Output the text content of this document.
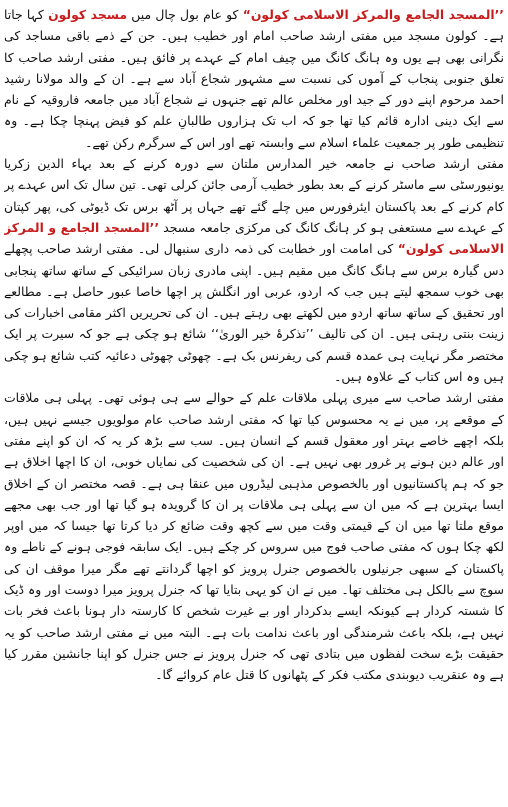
’’المسجد الجامع والمرکز الاسلامی کولون“ کو عام بول چال میں مسجد کولون کہا جاتا ہے۔ کولون مسجد میں مفتی ارشد صاحب امام اور خطیب ہیں۔ جن کے ذمے باقی مساجد کی نگرانی بھی ہے یوں وہ ہانگ کانگ میں چیف امام کے عہدے پر فائق ہیں۔ مفتی ارشد صاحب کا تعلق جنوبی پنجاب کے آموں کی نسبت سے مشہور شجاع آباد سے ہے۔ ان کے والد مولانا رشید احمد مرحوم اپنے دور کے جید اور مخلص عالم تھے جنہوں نے شجاع آباد میں جامعہ فاروقیہ کے نام سے ایک دینی ادارہ قائم کیا تھا جو کہ اب تک ہزاروں طالبانِ علم کو فیض پہنچا چکا ہے۔ وہ تنظیمی طور پر جمعیت علماء اسلام سے وابستہ تھے اور اس کے سرگرم رکن تھے۔

مفتی ارشد صاحب نے جامعہ خیر المدارس ملتان سے دورہ کرنے کے بعد بہاء الدین زکریا یونیورسٹی سے ماسٹر کرنے کے بعد بطور خطیب آرمی جائن کرلی تھی۔ تین سال تک اس عہدے پر کام کرنے کے بعد پاکستان ایئرفورس میں چلے گئے تھے جہاں پر آٹھ برس تک ڈیوٹی کی، پھر کپتان کے عہدے سے مستعفی ہو کر ہانگ کانگ کی مرکزی جامعہ مسجد ’’المسجد الجامع و المرکز الاسلامی کولون“ کی امامت اور خطابت کی ذمہ داری سنبھال لی۔ مفتی ارشد صاحب پچھلے دس گیارہ برس سے ہانگ کانگ میں مقیم ہیں۔ اپنی مادری زبان سرائیکی کے ساتھ ساتھ پنجابی بھی خوب سمجھ لیتے ہیں جب کہ اردو، عربی اور انگلش پر اچھا خاصا عبور حاصل ہے۔ مطالعے اور تحقیق کے ساتھ ساتھ اردو میں لکھتے بھی رہتے ہیں۔ ان کی تحریریں اکثر مقامی اخبارات کی زینت بنتی رہتی ہیں۔ ان کی تالیف ’’تذکرۂ خیر الوریٰ‘‘ شائع ہو چکی ہے جو کہ سیرت پر ایک مختصر مگر نہایت ہی عمدہ قسم کی ریفرنس بک ہے۔ چھوٹی چھوٹی دعائیہ کتب شائع ہو چکی ہیں وہ اس کتاب کے علاوہ ہیں۔

مفتی ارشد صاحب سے میری پہلی ملاقات علم کے حوالے سے ہی ہوئی تھی۔ پہلی ہی ملاقات کے موقعے پر، میں نے یہ محسوس کیا تھا کہ مفتی ارشد صاحب عام مولویوں جیسے نہیں ہیں، بلکہ اچھے خاصے بہتر اور معقول قسم کے انسان ہیں۔ سب سے بڑھ کر یہ کہ ان کو اپنے مفتی اور عالم دین ہونے پر غرور بھی نہیں ہے۔ ان کی شخصیت کی نمایاں خوبی، ان کا اچھا اخلاق ہے جو کہ ہم پاکستانیوں اور بالخصوص مذہبی لیڈروں میں عنقا ہی ہے۔ قصہ مختصر ان کے اخلاق ایسا بہترین ہے کہ میں ان سے پہلی ہی ملاقات پر ان کا گرویدہ ہو گیا تھا اور جب بھی مجھے موقع ملتا تھا میں ان کے قیمتی وقت میں سے کچھ وقت ضائع کر دیا کرتا تھا جیسا کہ میں اوپر لکھ چکا ہوں کہ مفتی صاحب فوج میں سروس کر چکے ہیں۔ ایک سابقہ فوجی ہونے کے ناطے وہ پاکستان کے سبھی جرنیلوں بالخصوص جنرل پرویز کو اچھا گردانتے تھے مگر میرا موقف ان کی سوچ سے بالکل ہی مختلف تھا۔ میں نے ان کو یہی بتایا تھا کہ جنرل پرویز میرا دوست اور وہ ڈیک کا شستہ کردار ہے کیونکہ ایسے بدکردار اور بے غیرت شخص کا کارستہ دار ہونا باعث فخر بات نہیں ہے، بلکہ باعث شرمندگی اور باعث ندامت بات ہے۔ البتہ میں نے مفتی ارشد صاحب کو یہ حقیقت بڑے سخت لفظوں میں بتادی تھی کہ جنرل پرویز نے جس جنرل کو اپنا جانشین مقرر کیا ہے وہ عنقریب دیوبندی مکتب فکر کے پٹھانوں کا قتل عام کروائے گا۔
